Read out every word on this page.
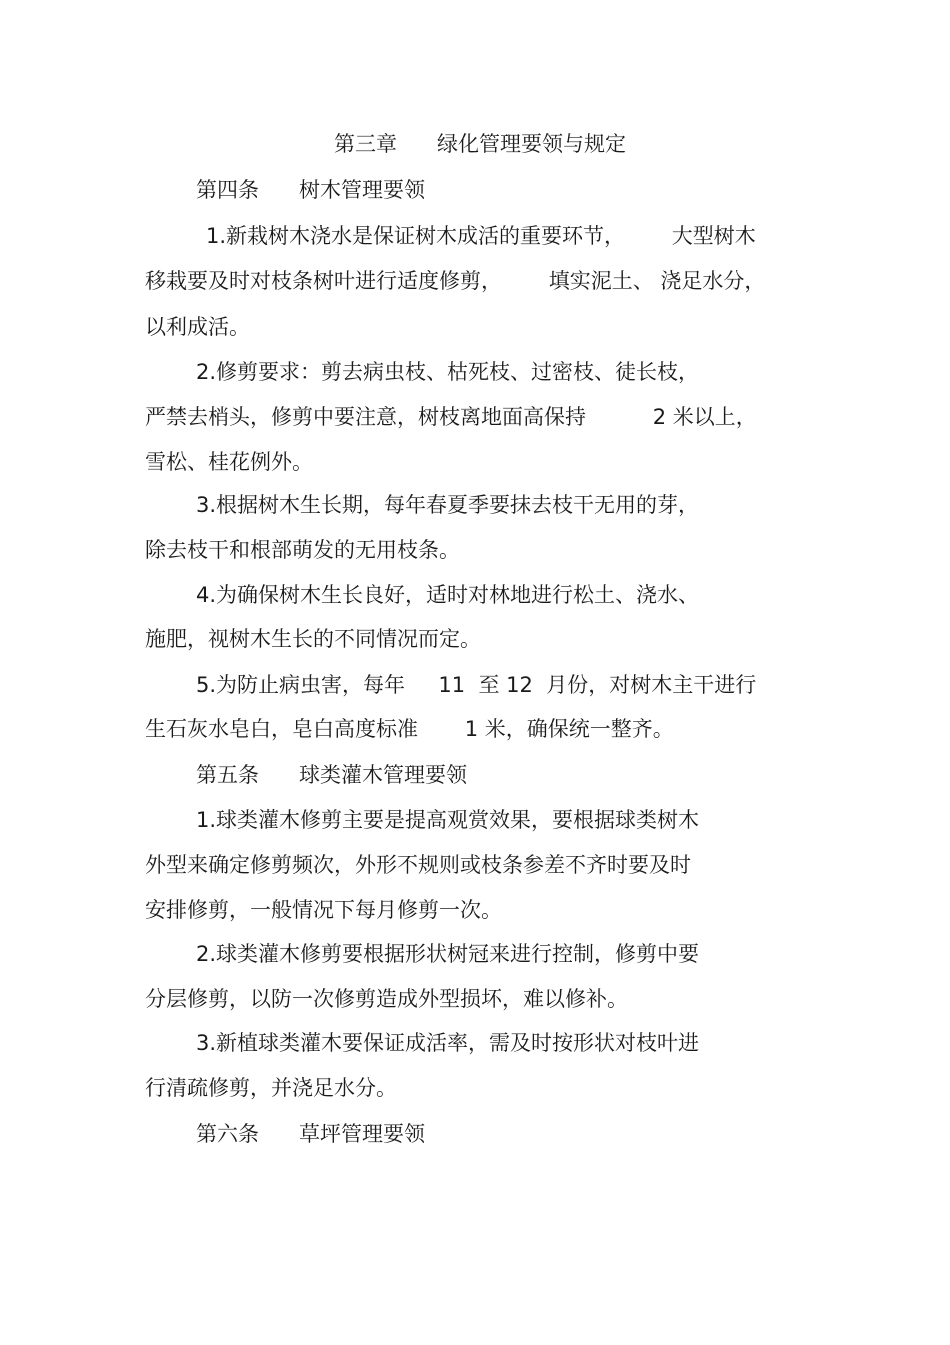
第三章      绿化管理要领与规定
第四条      树木管理要领
1.新栽树木浇水是保证树木成活的重要环节，       大型树木
移栽要及时对枝条树叶进行适度修剪，       填实泥土、 浇足水分，
以利成活。
2.修剪要求：剪去病虫枝、枯死枝、过密枝、徒长枝，
严禁去梢头，修剪中要注意，树枝离地面高保持          2 米以上，
雪松、桂花例外。
3.根据树木生长期，每年春夏季要抹去枝干无用的芽，
除去枝干和根部萌发的无用枝条。
4.为确保树木生长良好，适时对林地进行松土、浇水、
施肥，视树木生长的不同情况而定。
5.为防止病虫害，每年     11  至 12  月份，对树木主干进行
生石灰水皂白，皂白高度标准       1 米，确保统一整齐。
第五条      球类灌木管理要领
1.球类灌木修剪主要是提高观赏效果，要根据球类树木
外型来确定修剪频次，外形不规则或枝条参差不齐时要及时
安排修剪，一般情况下每月修剪一次。
2.球类灌木修剪要根据形状树冠来进行控制，修剪中要
分层修剪，以防一次修剪造成外型损坏，难以修补。
3.新植球类灌木要保证成活率，需及时按形状对枝叶进
行清疏修剪，并浇足水分。
第六条      草坪管理要领
